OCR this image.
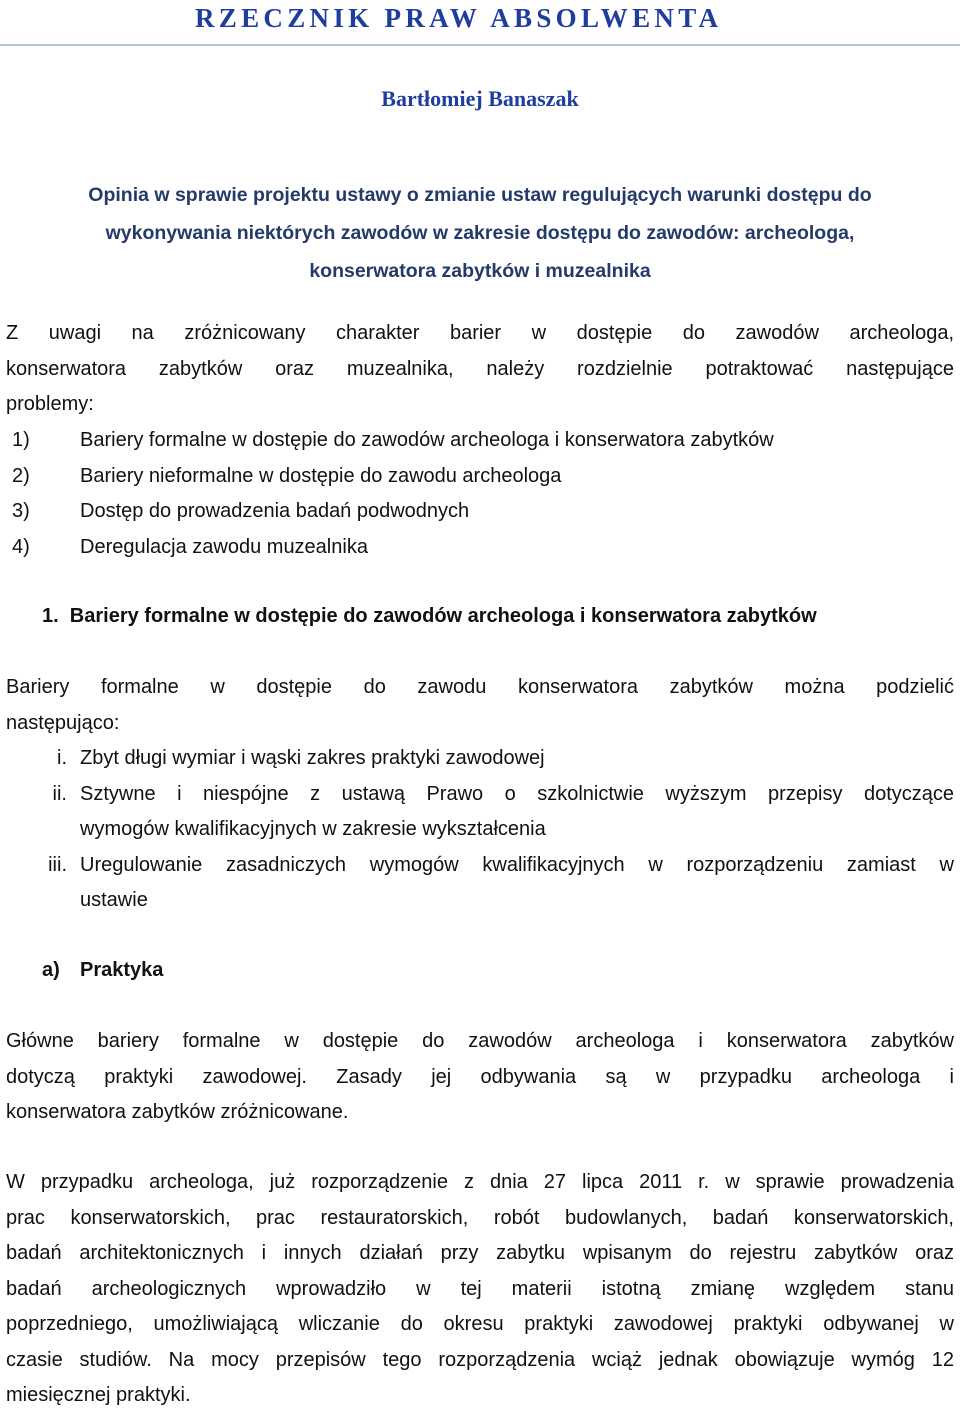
RZECZNIK PRAW ABSOLWENTA
Bartłomiej Banaszak
Opinia w sprawie projektu ustawy o zmianie ustaw regulujących warunki dostępu do
wykonywania niektórych zawodów w zakresie dostępu do zawodów: archeologa,
konserwatora zabytków i muzealnika
Z uwagi na zróżnicowany charakter barier w dostępie do zawodów archeologa,
konserwatora zabytków oraz muzealnika, należy rozdzielnie potraktować następujące
problemy:
1)	Bariery formalne w dostępie do zawodów archeologa i konserwatora zabytków
2)	Bariery nieformalne w dostępie do zawodu archeologa
3)	Dostęp do prowadzenia badań podwodnych
4)	Deregulacja zawodu muzealnika
1.  Bariery formalne w dostępie do zawodów archeologa i konserwatora zabytków
Bariery formalne w dostępie do zawodu konserwatora zabytków można podzielić
następująco:
i. Zbyt długi wymiar i wąski zakres praktyki zawodowej
ii. Sztywne i niespójne z ustawą Prawo o szkolnictwie wyższym przepisy dotyczące
wymogów kwalifikacyjnych w zakresie wykształcenia
iii. Uregulowanie zasadniczych wymogów kwalifikacyjnych w rozporządzeniu zamiast w
ustawie
a) Praktyka
Główne bariery formalne w dostępie do zawodów archeologa i konserwatora zabytków
dotyczą praktyki zawodowej. Zasady jej odbywania są w przypadku archeologa i
konserwatora zabytków zróżnicowane.
W przypadku archeologa, już rozporządzenie z dnia 27 lipca 2011 r. w sprawie prowadzenia
prac konserwatorskich, prac restauratorskich, robót budowlanych, badań konserwatorskich,
badań architektonicznych i innych działań przy zabytku wpisanym do rejestru zabytków oraz
badań archeologicznych wprowadziło w tej materii istotną zmianę względem stanu
poprzedniego, umożliwiającą wliczanie do okresu praktyki zawodowej praktyki odbywanej w
czasie studiów. Na mocy przepisów tego rozporządzenia wciąż jednak obowiązuje wymóg 12
miesięcznej praktyki.
